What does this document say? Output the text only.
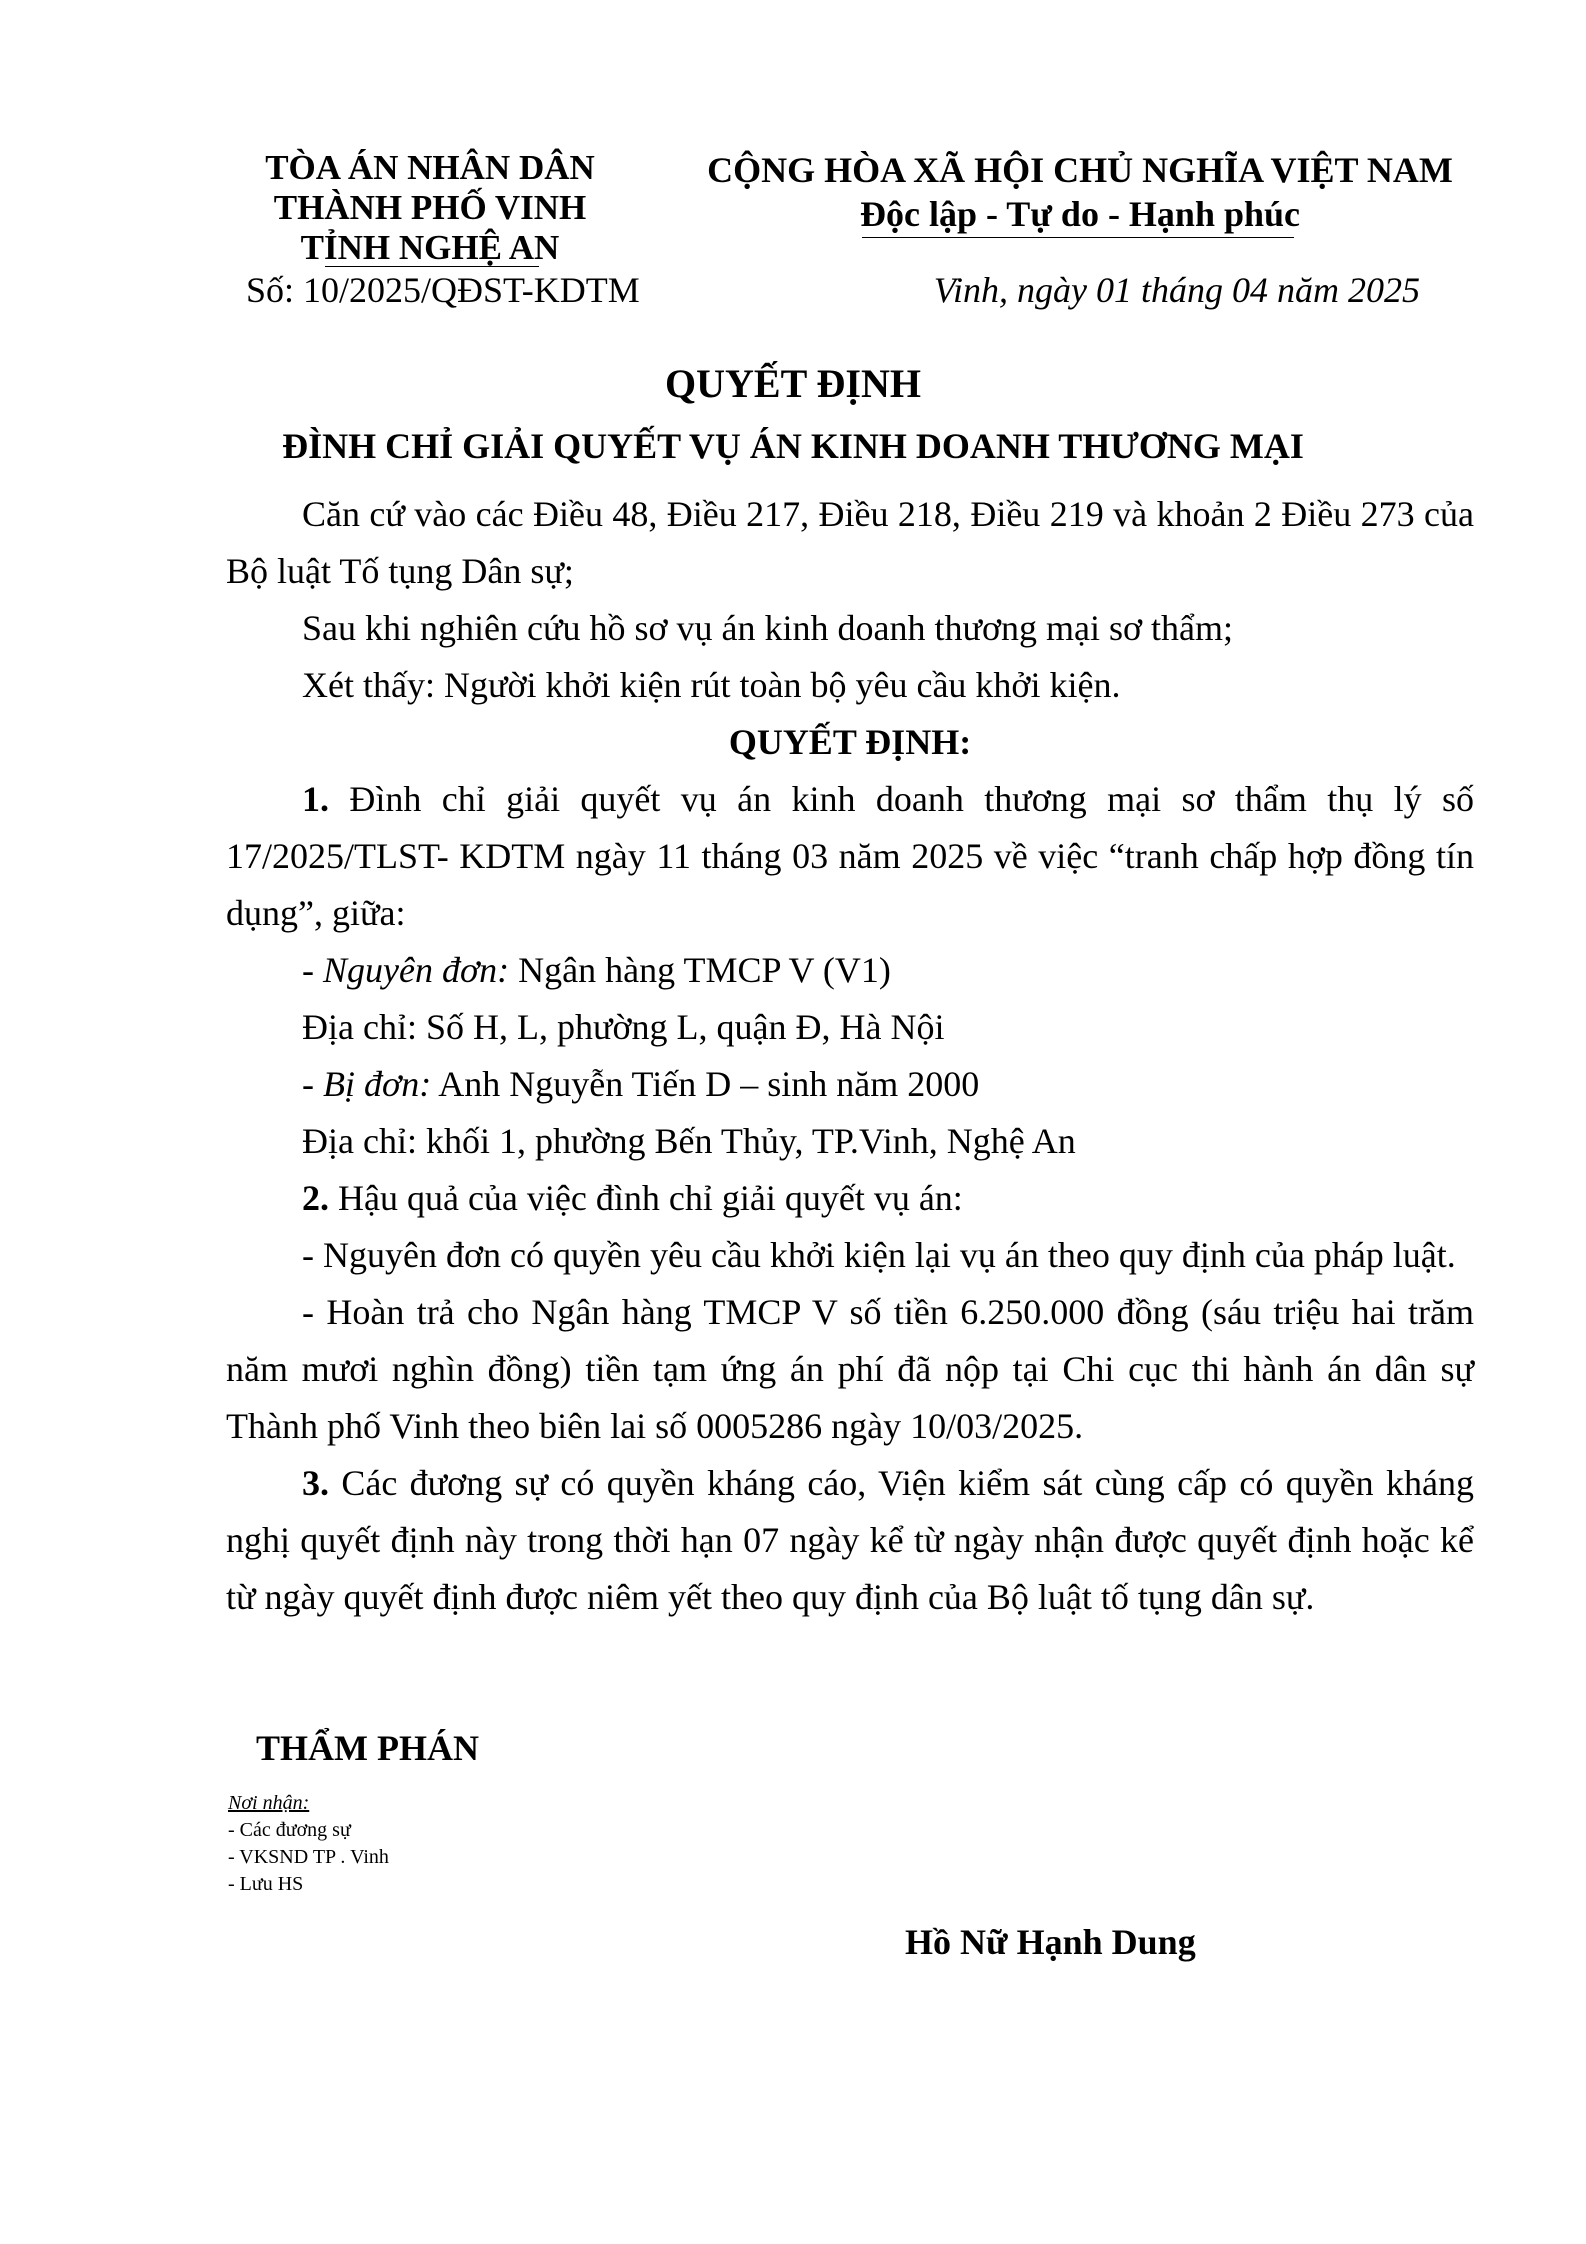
TÒA ÁN NHÂN DÂN
THÀNH PHỐ VINH
TỈNH NGHỆ AN
Số: 10/2025/QĐST-KDTM
CỘNG HÒA XÃ HỘI CHỦ NGHĨA VIỆT NAM
Độc lập - Tự do - Hạnh phúc
Vinh, ngày 01 tháng 04 năm 2025
QUYẾT ĐỊNH
ĐÌNH CHỈ GIẢI QUYẾT VỤ ÁN KINH DOANH THƯƠNG MẠI

Căn cứ vào các Điều 48, Điều 217, Điều 218, Điều 219 và khoản 2 Điều 273 của Bộ luật Tố tụng Dân sự;

Sau khi nghiên cứu hồ sơ vụ án kinh doanh thương mại sơ thẩm;

Xét thấy: Người khởi kiện rút toàn bộ yêu cầu khởi kiện.

QUYẾT ĐỊNH:

1. Đình chỉ giải quyết vụ án kinh doanh thương mại sơ thẩm thụ lý số 17/2025/TLST- KDTM ngày 11 tháng 03 năm 2025 về việc “tranh chấp hợp đồng tín dụng”, giữa:

- Nguyên đơn: Ngân hàng TMCP V (V1)

Địa chỉ: Số H, L, phường L, quận Đ, Hà Nội

- Bị đơn: Anh Nguyễn Tiến D – sinh năm 2000

Địa chỉ: khối 1, phường Bến Thủy, TP.Vinh, Nghệ An

2. Hậu quả của việc đình chỉ giải quyết vụ án:

- Nguyên đơn có quyền yêu cầu khởi kiện lại vụ án theo quy định của pháp luật.

- Hoàn trả cho Ngân hàng TMCP V số tiền 6.250.000 đồng (sáu triệu hai trăm năm mươi nghìn đồng) tiền tạm ứng án phí đã nộp tại Chi cục thi hành án dân sự Thành phố Vinh theo biên lai số 0005286 ngày 10/03/2025.

3. Các đương sự có quyền kháng cáo, Viện kiểm sát cùng cấp có quyền kháng nghị quyết định này trong thời hạn 07 ngày kể từ ngày nhận được quyết định hoặc kể từ ngày quyết định được niêm yết theo quy định của Bộ luật tố tụng dân sự.

THẨM PHÁN
Nơi nhận:
- Các đương sự
- VKSND TP . Vinh
- Lưu HS
Hồ Nữ Hạnh Dung
